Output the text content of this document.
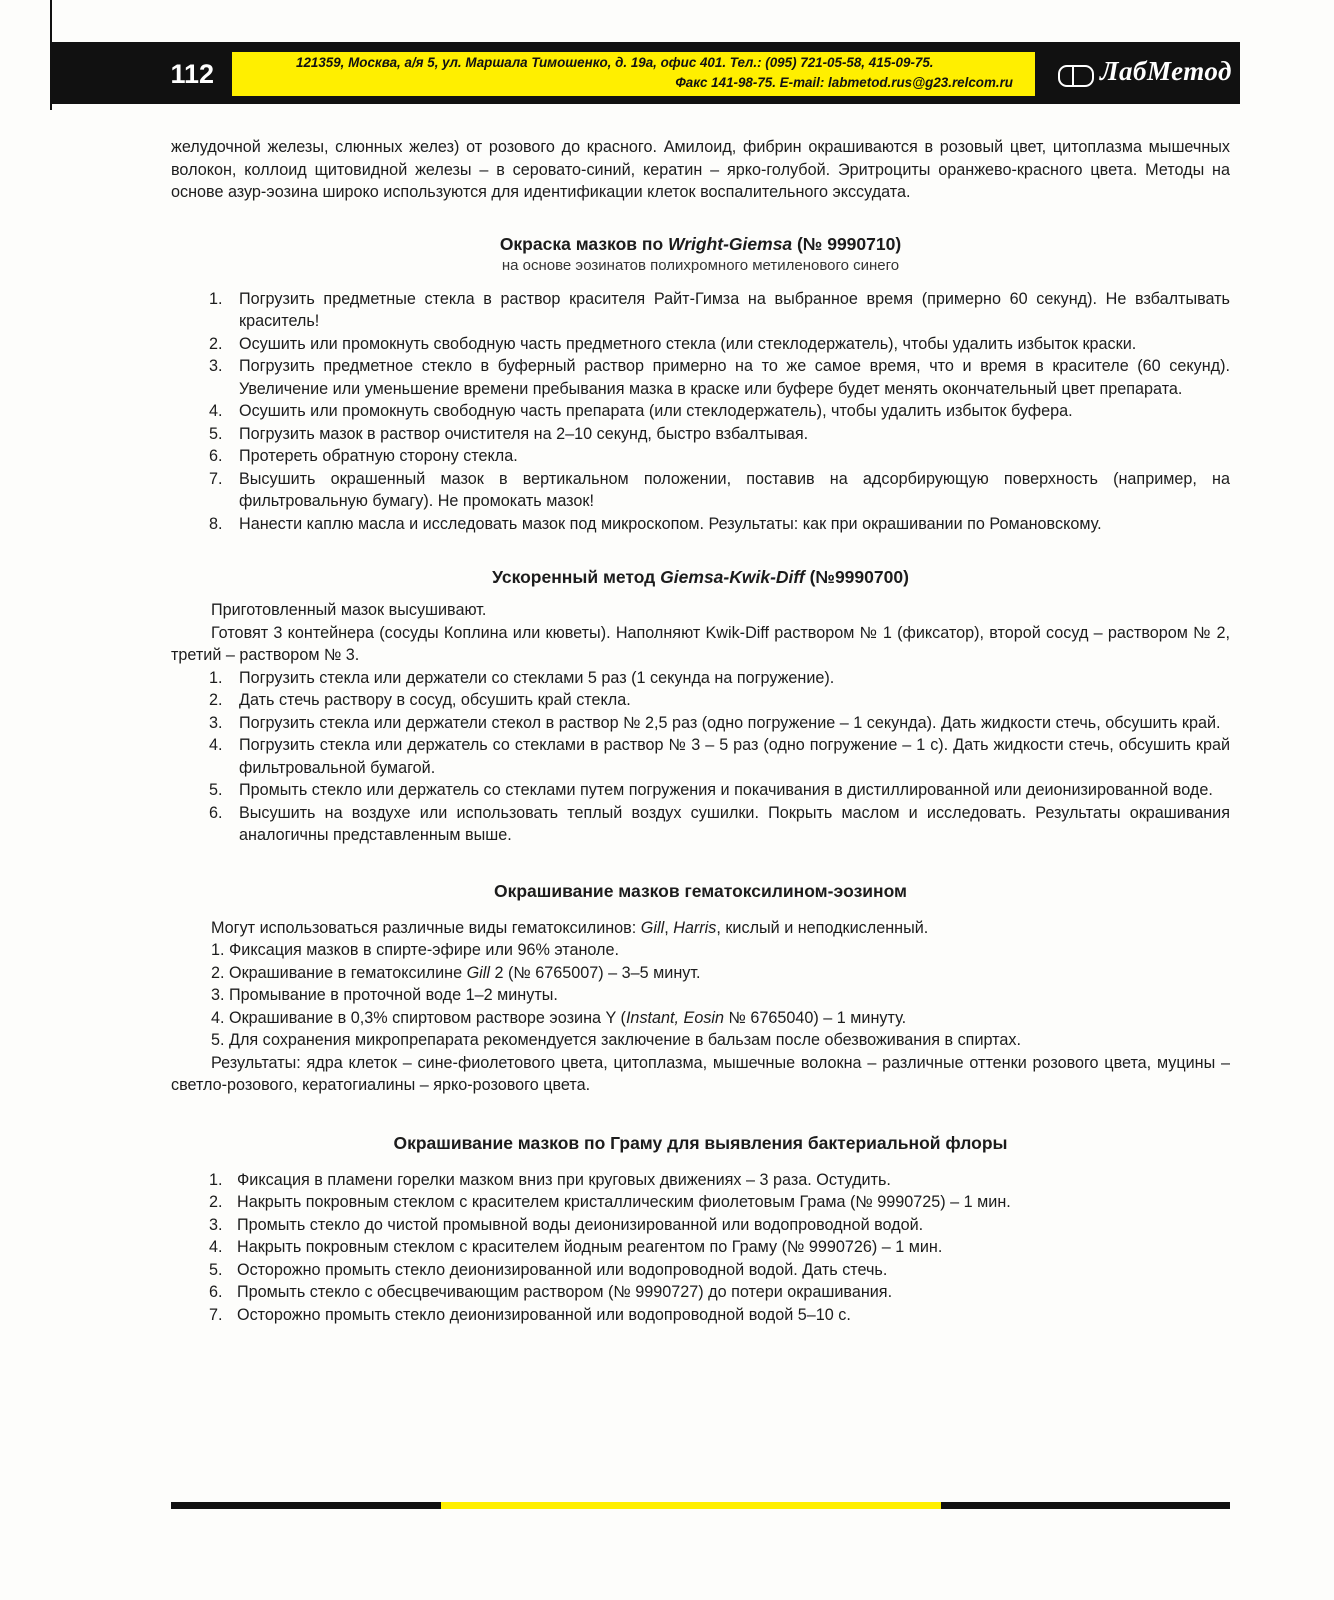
112	121359, Москва, а/я 5, ул. Маршала Тимошенко, д. 19а, офис 401. Тел.: (095) 721-05-58, 415-09-75.
Факс 141-98-75. E-mail: labmetod.rus@g23.relcom.ru	ЛабМетод

желудочной железы, слюнных желез) от розового до красного. Амилоид, фибрин окрашиваются в розовый цвет, цитоплазма мышечных волокон, коллоид щитовидной железы – в серовато-синий, кератин – ярко-голубой. Эритроциты оранжево-красного цвета. Методы на основе азур-эозина широко используются для идентификации клеток воспалительного экссудата.

Окраска мазков по Wright-Giemsa (№ 9990710)

на основе эозинатов полихромного метиленового синего

1. Погрузить предметные стекла в раствор красителя Райт-Гимза на выбранное время (примерно 60 секунд). Не взбалтывать краситель!
2. Осушить или промокнуть свободную часть предметного стекла (или стеклодержатель), чтобы удалить избыток краски.
3. Погрузить предметное стекло в буферный раствор примерно на то же самое время, что и время в красителе (60 секунд). Увеличение или уменьшение времени пребывания мазка в краске или буфере будет менять окончательный цвет препарата.
4. Осушить или промокнуть свободную часть препарата (или стеклодержатель), чтобы удалить избыток буфера.
5. Погрузить мазок в раствор очистителя на 2–10 секунд, быстро взбалтывая.
6. Протереть обратную сторону стекла.
7. Высушить окрашенный мазок в вертикальном положении, поставив на адсорбирующую поверхность (например, на фильтровальную бумагу). Не промокать мазок!
8. Нанести каплю масла и исследовать мазок под микроскопом. Результаты: как при окрашивании по Романовскому.
Ускоренный метод Giemsa-Kwik-Diff (№9990700)

Приготовленный мазок высушивают.

Готовят 3 контейнера (сосуды Коплина или кюветы). Наполняют Kwik-Diff раствором № 1 (фиксатор), второй сосуд – раствором № 2, третий – раствором № 3.

1. Погрузить стекла или держатели со стеклами 5 раз (1 секунда на погружение).
2. Дать стечь раствору в сосуд, обсушить край стекла.
3. Погрузить стекла или держатели стекол в раствор № 2,5 раз (одно погружение – 1 секунда). Дать жидкости стечь, обсушить край.
4. Погрузить стекла или держатель со стеклами в раствор № 3 – 5 раз (одно погружение – 1 с). Дать жидкости стечь, обсушить край фильтровальной бумагой.
5. Промыть стекло или держатель со стеклами путем погружения и покачивания в дистиллированной или деионизированной воде.
6. Высушить на воздухе или использовать теплый воздух сушилки. Покрыть маслом и исследовать. Результаты окрашивания аналогичны представленным выше.
Окрашивание мазков гематоксилином-эозином

Могут использоваться различные виды гематоксилинов: Gill, Harris, кислый и неподкисленный.

1. Фиксация мазков в спирте-эфире или 96% этаноле.

2. Окрашивание в гематоксилине Gill 2 (№ 6765007) – 3–5 минут.

3. Промывание в проточной воде 1–2 минуты.

4. Окрашивание в 0,3% спиртовом растворе эозина Y (Instant, Eosin № 6765040) – 1 минуту.

5. Для сохранения микропрепарата рекомендуется заключение в бальзам после обезвоживания в спиртах.

Результаты: ядра клеток – сине-фиолетового цвета, цитоплазма, мышечные волокна – различные оттенки розового цвета, муцины – светло-розового, кератогиалины – ярко-розового цвета.

Окрашивание мазков по Граму для выявления бактериальной флоры
1. Фиксация в пламени горелки мазком вниз при круговых движениях – 3 раза. Остудить.
2. Накрыть покровным стеклом с красителем кристаллическим фиолетовым Грама (№ 9990725) – 1 мин.
3. Промыть стекло до чистой промывной воды деионизированной или водопроводной водой.
4. Накрыть покровным стеклом с красителем йодным реагентом по Граму (№ 9990726) – 1 мин.
5. Осторожно промыть стекло деионизированной или водопроводной водой. Дать стечь.
6. Промыть стекло с обесцвечивающим раствором (№ 9990727) до потери окрашивания.
7. Осторожно промыть стекло деионизированной или водопроводной водой 5–10 с.
